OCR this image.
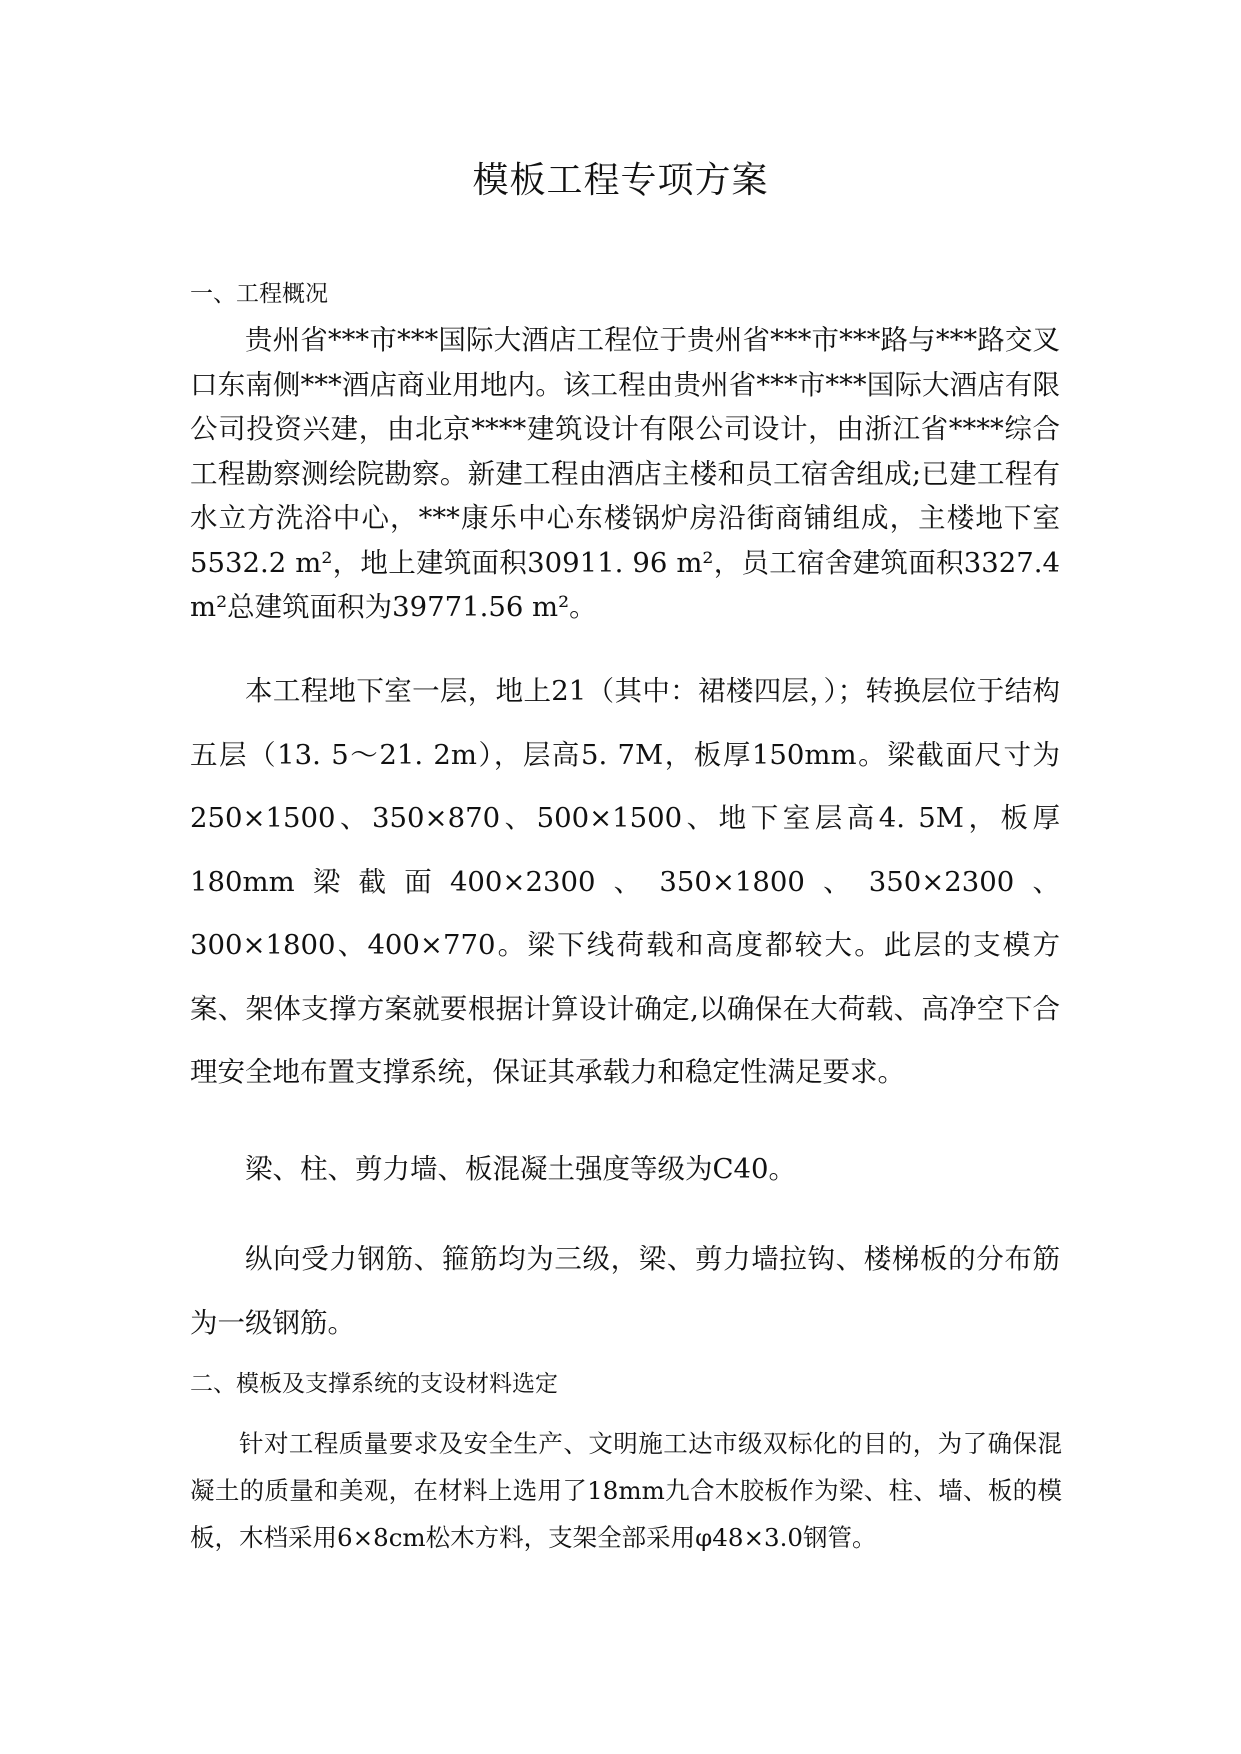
模板工程专项方案
一、工程概况
贵州省***市***国际大酒店工程位于贵州省***市***路与***路交叉口东南侧***酒店商业用地内。该工程由贵州省***市***国际大酒店有限公司投资兴建，由北京****建筑设计有限公司设计，由浙江省****综合工程勘察测绘院勘察。新建工程由酒店主楼和员工宿舍组成;已建工程有水立方洗浴中心，***康乐中心东楼锅炉房沿街商铺组成，主楼地下室5532.2 m²，地上建筑面积30911. 96 m²，员工宿舍建筑面积3327.4 m²总建筑面积为39771.56 m²。
本工程地下室一层，地上21（其中：裙楼四层，）；转换层位于结构五层（13. 5～21. 2m），层高5. 7M，板厚150mm。梁截面尺寸为250×1500、350×870、500×1500、地下室层高4. 5M，板厚180mm梁截面400×2300、350×1800、350×2300、300×1800、400×770。梁下线荷载和高度都较大。此层的支模方案、架体支撑方案就要根据计算设计确定,以确保在大荷载、高净空下合理安全地布置支撑系统，保证其承载力和稳定性满足要求。
梁、柱、剪力墙、板混凝土强度等级为C40。
纵向受力钢筋、箍筋均为三级，梁、剪力墙拉钩、楼梯板的分布筋为一级钢筋。
二、模板及支撑系统的支设材料选定
针对工程质量要求及安全生产、文明施工达市级双标化的目的，为了确保混凝土的质量和美观，在材料上选用了18mm九合木胶板作为梁、柱、墙、板的模板，木档采用6×8cm松木方料，支架全部采用φ48×3.0钢管。
